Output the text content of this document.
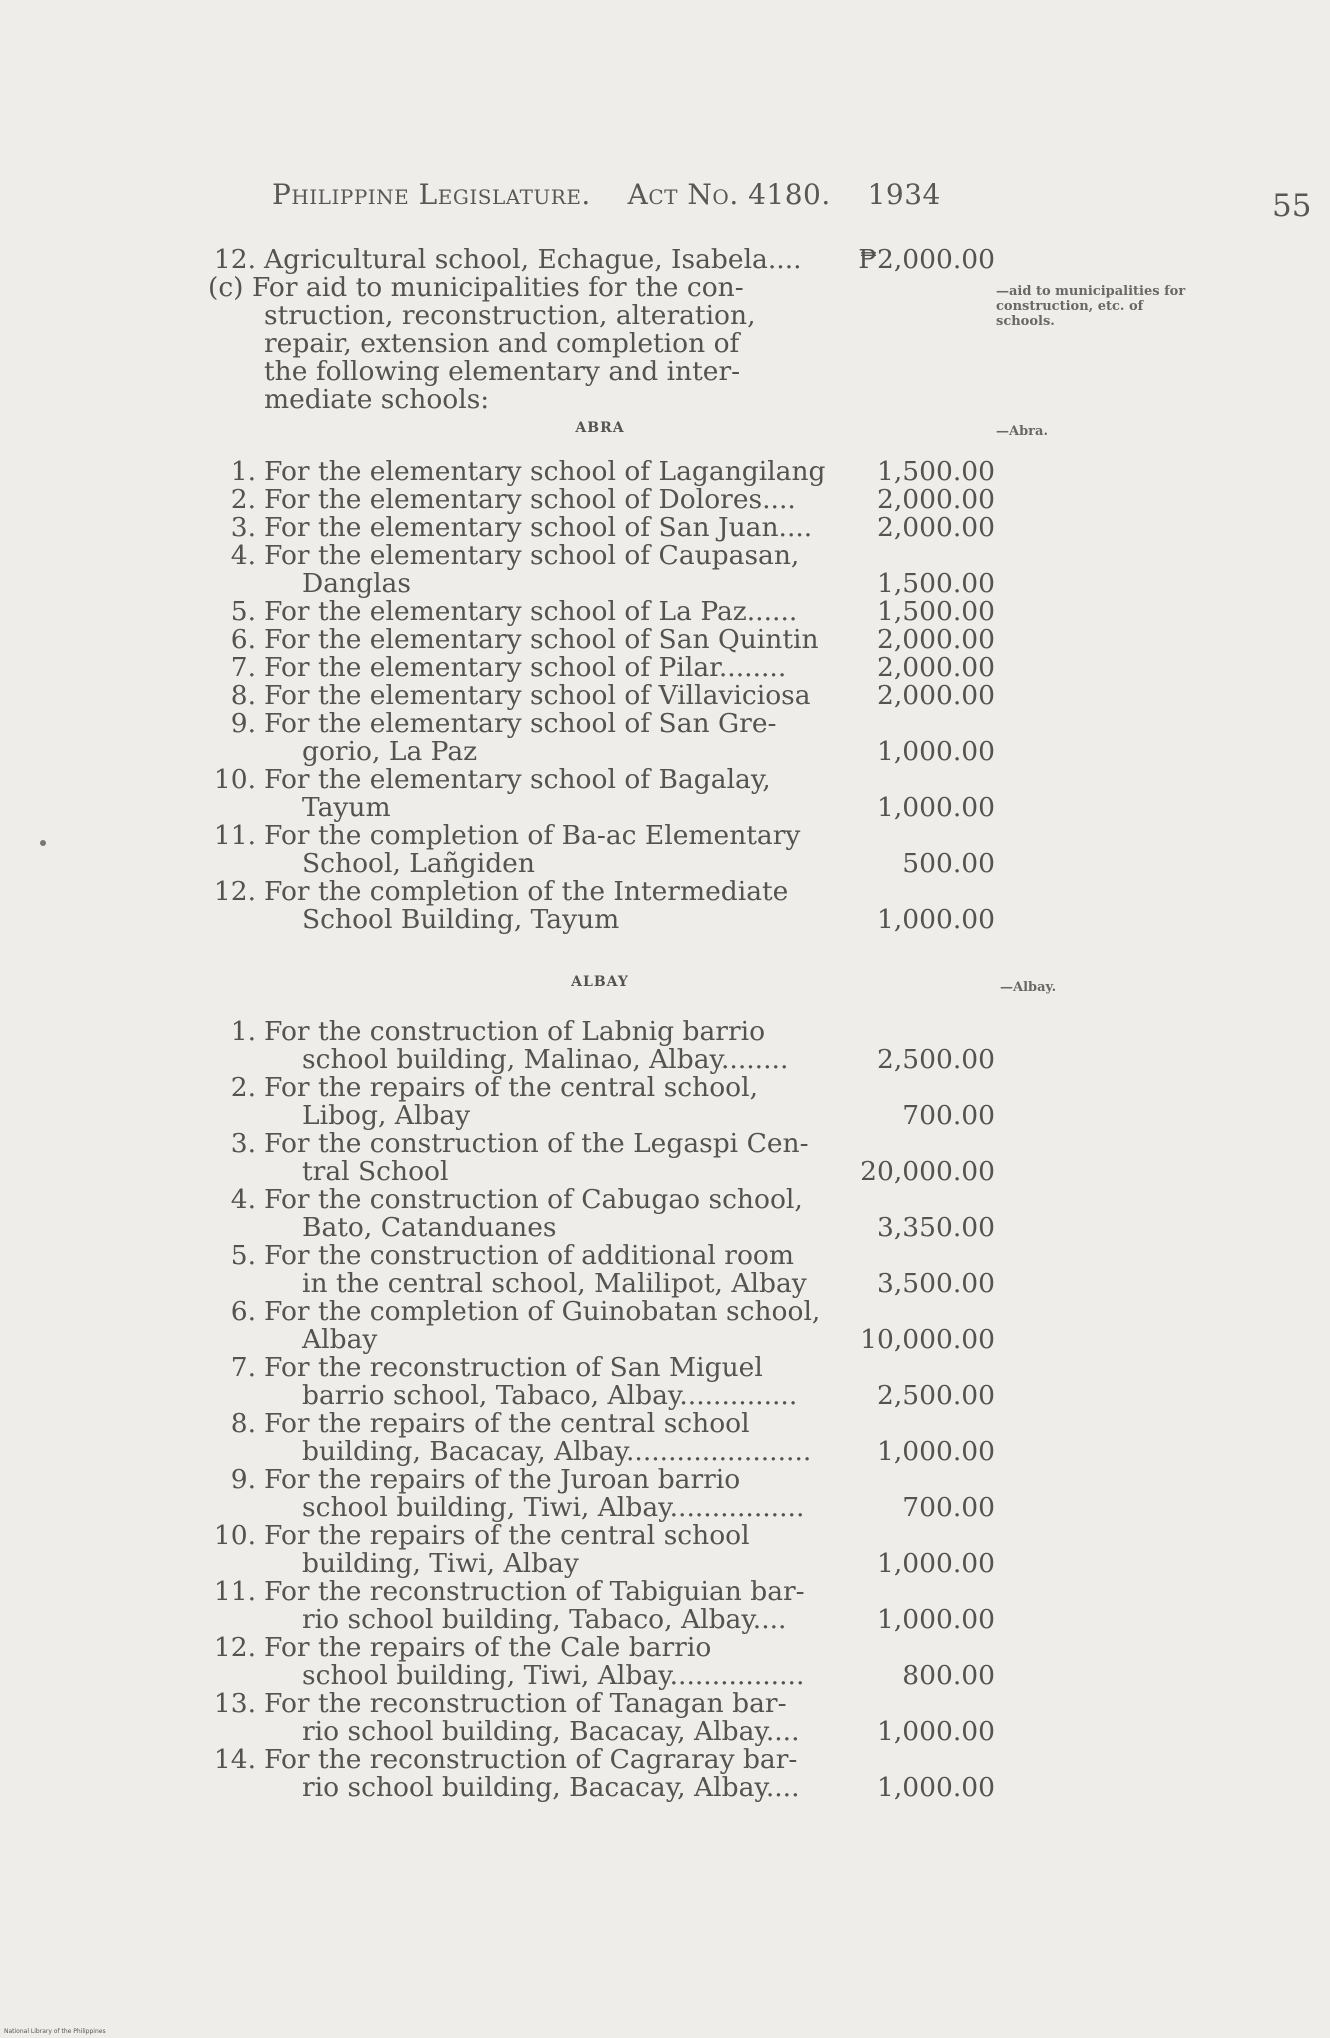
Philippine Legislature. Act No. 4180. 1934	55
12. Agricultural school, Echague, Isabela....	₱2,000.00
(c) For aid to municipalities for the con-
struction, reconstruction, alteration,
repair, extension and completion of
the following elementary and inter-
mediate schools:
—aid to municipalities for construction, etc. of schools.
ABRA	—Abra.
1. For the elementary school of Lagangilang	1,500.00
2. For the elementary school of Dolores....	2,000.00
3. For the elementary school of San Juan....	2,000.00
4. For the elementary school of Caupasan,
Danglas	1,500.00
5. For the elementary school of La Paz......	1,500.00
6. For the elementary school of San Quintin	2,000.00
7. For the elementary school of Pilar........	2,000.00
8. For the elementary school of Villaviciosa	2,000.00
9. For the elementary school of San Gre-
gorio, La Paz	1,000.00
10. For the elementary school of Bagalay,
Tayum	1,000.00
11. For the completion of Ba-ac Elementary
School, Lañgiden	500.00
12. For the completion of the Intermediate
School Building, Tayum	1,000.00
ALBAY	—Albay.
1. For the construction of Labnig barrio
school building, Malinao, Albay........	2,500.00
2. For the repairs of the central school,
Libog, Albay	700.00
3. For the construction of the Legaspi Cen-
tral School	20,000.00
4. For the construction of Cabugao school,
Bato, Catanduanes	3,350.00
5. For the construction of additional room
in the central school, Malilipot, Albay	3,500.00
6. For the completion of Guinobatan school,
Albay	10,000.00
7. For the reconstruction of San Miguel
barrio school, Tabaco, Albay..............	2,500.00
8. For the repairs of the central school
building, Bacacay, Albay......................	1,000.00
9. For the repairs of the Juroan barrio
school building, Tiwi, Albay................	700.00
10. For the repairs of the central school
building, Tiwi, Albay	1,000.00
11. For the reconstruction of Tabiguian bar-
rio school building, Tabaco, Albay....	1,000.00
12. For the repairs of the Cale barrio
school building, Tiwi, Albay................	800.00
13. For the reconstruction of Tanagan bar-
rio school building, Bacacay, Albay....	1,000.00
14. For the reconstruction of Cagraray bar-
rio school building, Bacacay, Albay....	1,000.00
National Library of the Philippines
